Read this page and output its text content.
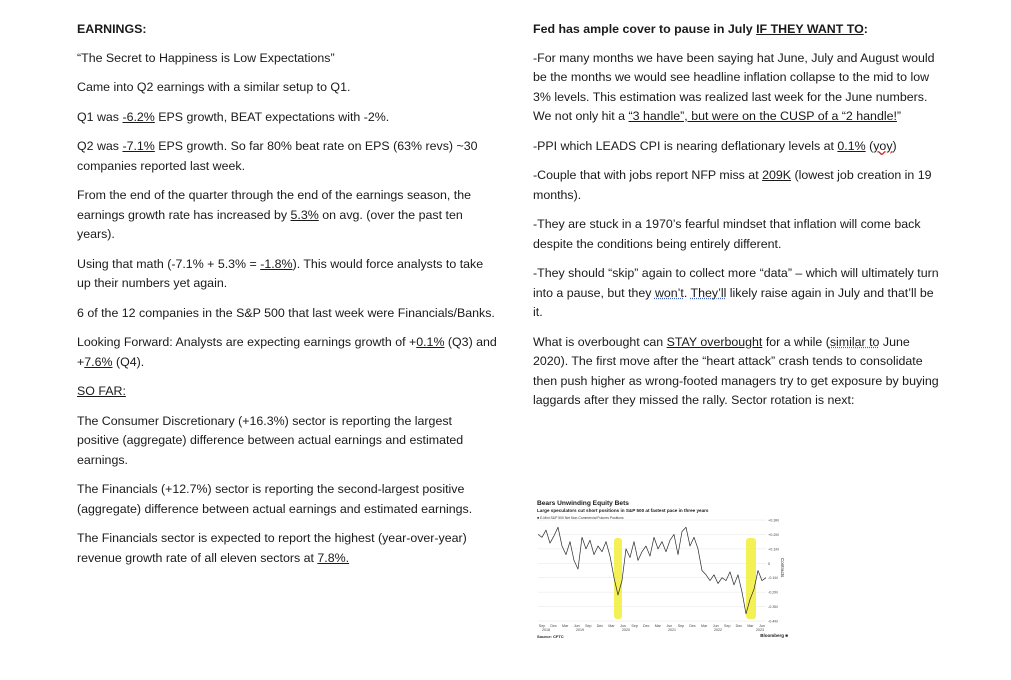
EARNINGS:

“The Secret to Happiness is Low Expectations”

Came into Q2 earnings with a similar setup to Q1.

Q1 was -6.2% EPS growth, BEAT expectations with -2%.

Q2 was -7.1% EPS growth. So far 80% beat rate on EPS (63% revs) ~30 companies reported last week.

From the end of the quarter through the end of the earnings season, the earnings growth rate has increased by 5.3% on avg. (over the past ten years).

Using that math (-7.1% + 5.3% = -1.8%). This would force analysts to take up their numbers yet again.

6 of the 12 companies in the S&P 500 that last week were Financials/Banks.

Looking Forward: Analysts are expecting earnings growth of +0.1% (Q3) and +7.6% (Q4).

SO FAR:

The Consumer Discretionary (+16.3%) sector is reporting the largest positive (aggregate) difference between actual earnings and estimated earnings.

The Financials (+12.7%) sector is reporting the second-largest positive (aggregate) difference between actual earnings and estimated earnings.

The Financials sector is expected to report the highest (year-over-year) revenue growth rate of all eleven sectors at 7.8%.

Fed has ample cover to pause in July IF THEY WANT TO:

-For many months we have been saying hat June, July and August would be the months we would see headline inflation collapse to the mid to low 3% levels. This estimation was realized last week for the June numbers. We not only hit a “3 handle”, but were on the CUSP of a “2 handle!”

-PPI which LEADS CPI is nearing deflationary levels at 0.1% (yoy)

-Couple that with jobs report NFP miss at 209K (lowest job creation in 19 months).

-They are stuck in a 1970’s fearful mindset that inflation will come back despite the conditions being entirely different.

-They should “skip” again to collect more “data” – which will ultimately turn into a pause, but they won’t. They’ll likely raise again in July and that’ll be it.

What is overbought can STAY overbought for a while (similar to June 2020). The first move after the “heart attack” crash tends to consolidate then push higher as wrong-footed managers try to get exposure by buying laggards after they missed the rally. Sector rotation is next:

Bears Unwinding Equity Bets
Large speculators cut short positions in S&P 500 at fastest pace in three years
■ E-Mini S&P 500 Net Non-Commercial Futures Positions
+0.3M
+0.2M
+0.1M
0
-0.1M
-0.2M
-0.3M
-0.4M
Sep Dec Mar Jun Sep Dec Mar Jun Sep Dec Mar Jun Sep Dec Mar Jun Sep Dec Mar Jun
2018	2019	2020	2021	2022	2023
Contracts
Source: CFTC	Bloomberg ■
